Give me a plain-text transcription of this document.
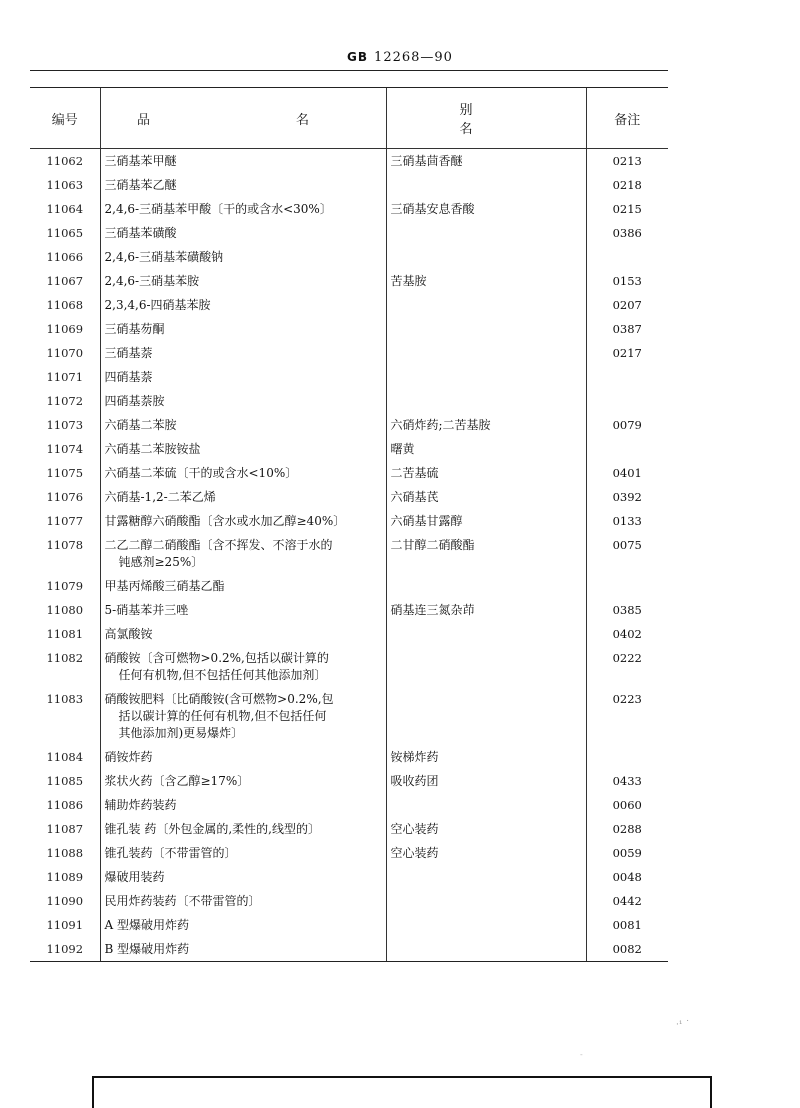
GB 12268—90
编号	品　　名	别　　名	备注
11062	三硝基苯甲醚	三硝基茴香醚	0213
11063	三硝基苯乙醚		0218
11064	2,4,6-三硝基苯甲酸〔干的或含水<30%〕	三硝基安息香酸	0215
11065	三硝基苯磺酸		0386
11066	2,4,6-三硝基苯磺酸钠		

11067	2,4,6-三硝基苯胺	苦基胺	0153
11068	2,3,4,6-四硝基苯胺		0207
11069	三硝基芴酮		0387
11070	三硝基萘		0217
11071	四硝基萘		

11072	四硝基萘胺		

11073	六硝基二苯胺	六硝炸药;二苦基胺	0079
11074	六硝基二苯胺铵盐	曙黄	
11075	六硝基二苯硫〔干的或含水<10%〕	二苦基硫	0401
11076	六硝基-1,2-二苯乙烯	六硝基芪	0392
11077	甘露糖醇六硝酸酯〔含水或水加乙醇≥40%〕	六硝基甘露醇	0133
11078	二乙二醇二硝酸酯〔含不挥发、不溶于水的
钝感剂≥25%〕	二甘醇二硝酸酯	0075
11079	甲基丙烯酸三硝基乙酯		

11080	5-硝基苯并三唑	硝基连三氮杂茚	0385
11081	高氯酸铵		0402
11082	硝酸铵〔含可燃物>0.2%,包括以碳计算的
任何有机物,但不包括任何其他添加剂〕		0222
11083	硝酸铵肥料〔比硝酸铵(含可燃物>0.2%,包
括以碳计算的任何有机物,但不包括任何
其他添加剂)更易爆炸〕		0223
11084	硝铵炸药	铵梯炸药	
11085	浆状火药〔含乙醇≥17%〕	吸收药团	0433
11086	辅助炸药装药		0060
11087	锥孔装 药〔外包金属的,柔性的,线型的〕	空心装药	0288
11088	锥孔装药〔不带雷管的〕	空心装药	0059
11089	爆破用装药		0048
11090	民用炸药装药〔不带雷管的〕		0442
11091	A 型爆破用炸药		0081
11092	B 型爆破用炸药		0082
·¹ ˙
-
